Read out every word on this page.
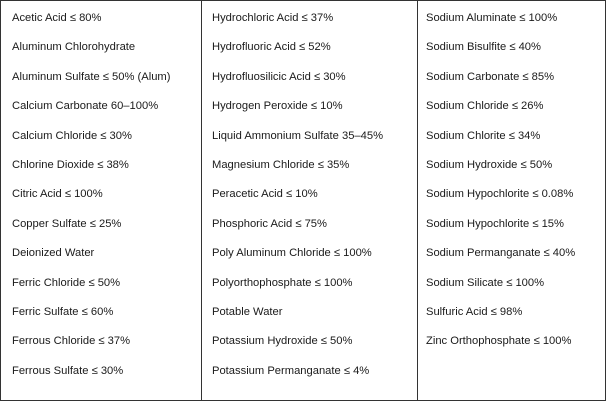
Acetic Acid ≤ 80%
Aluminum Chlorohydrate
Aluminum Sulfate ≤ 50% (Alum)
Calcium Carbonate 60–100%
Calcium Chloride ≤ 30%
Chlorine Dioxide ≤ 38%
Citric Acid ≤ 100%
Copper Sulfate ≤ 25%
Deionized Water
Ferric Chloride ≤ 50%
Ferric Sulfate ≤ 60%
Ferrous Chloride ≤ 37%
Ferrous Sulfate ≤ 30%
Hydrochloric Acid ≤ 37%
Hydrofluoric Acid ≤ 52%
Hydrofluosilicic Acid ≤ 30%
Hydrogen Peroxide ≤ 10%
Liquid Ammonium Sulfate 35–45%
Magnesium Chloride ≤ 35%
Peracetic Acid ≤ 10%
Phosphoric Acid ≤ 75%
Poly Aluminum Chloride ≤ 100%
Polyorthophosphate ≤ 100%
Potable Water
Potassium Hydroxide ≤ 50%
Potassium Permanganate ≤ 4%
Sodium Aluminate ≤ 100%
Sodium Bisulfite ≤ 40%
Sodium Carbonate ≤ 85%
Sodium Chloride ≤ 26%
Sodium Chlorite ≤ 34%
Sodium Hydroxide ≤ 50%
Sodium Hypochlorite ≤ 0.08%
Sodium Hypochlorite ≤ 15%
Sodium Permanganate ≤ 40%
Sodium Silicate ≤ 100%
Sulfuric Acid ≤ 98%
Zinc Orthophosphate ≤ 100%
